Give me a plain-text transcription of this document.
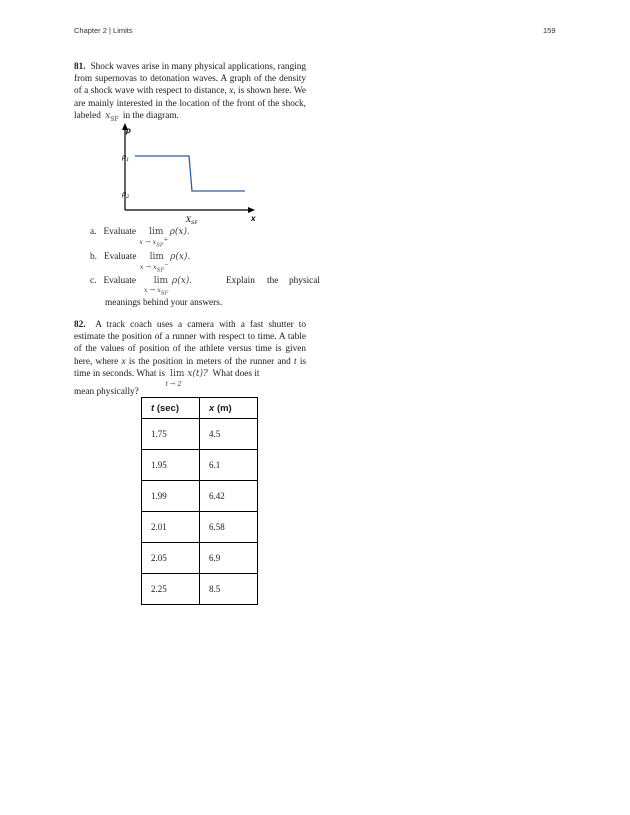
Chapter 2 | Limits	159
81. Shock waves arise in many physical applications, ranging from supernovas to detonation waves. A graph of the density of a shock wave with respect to distance, x, is shown here. We are mainly interested in the location of the front of the shock, labeled $x_{SF}$ in the diagram.
ρ
x
$\rho_1$
$\rho_2$
$X_{SF}$
a. Evaluate lim
$x \to x_{SF}^+$
ρ(x).
b. Evaluate lim
$x \to x_{SF}^-$
ρ(x).
c. Evaluate lim
$x \to x_{SF}$
ρ(x).	Explain the physical
meanings behind your answers.
82. A track coach uses a camera with a fast shutter to estimate the position of a runner with respect to time. A table of the values of position of the athlete versus time is given here, where x is the position in meters of the runner and t is time in seconds. What is lim
t → 2
x(t)? What does it
mean physically?
t (sec)	x (m)
1.75	4.5
1.95	6.1
1.99	6.42
2.01	6.58
2.05	6.9
2.25	8.5
